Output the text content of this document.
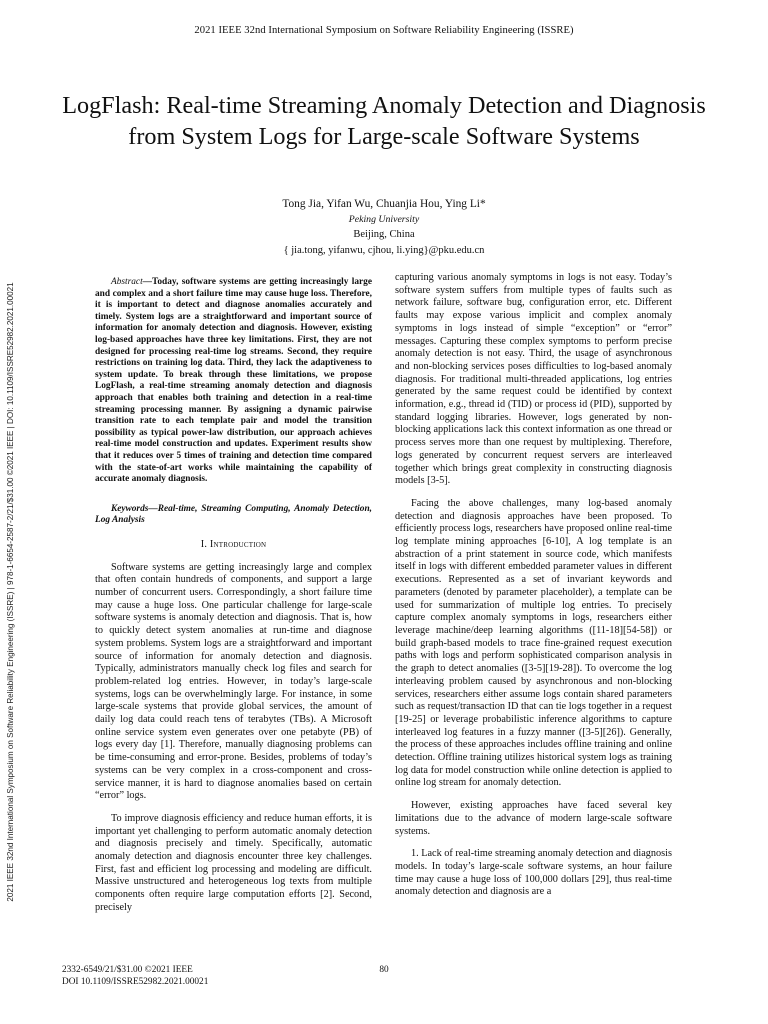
2021 IEEE 32nd International Symposium on Software Reliability Engineering (ISSRE)
2021 IEEE 32nd International Symposium on Software Reliability Engineering (ISSRE) | 978-1-6654-2587-2/21/$31.00 ©2021 IEEE | DOI: 10.1109/ISSRE52982.2021.00021
LogFlash: Real-time Streaming Anomaly Detection and Diagnosis from System Logs for Large-scale Software Systems
Tong Jia, Yifan Wu, Chuanjia Hou, Ying Li*
Peking University
Beijing, China
{ jia.tong, yifanwu, cjhou, li.ying}@pku.edu.cn

Abstract—Today, software systems are getting increasingly large and complex and a short failure time may cause huge loss. Therefore, it is important to detect and diagnose anomalies accurately and timely. System logs are a straightforward and important source of information for anomaly detection and diagnosis. However, existing log-based approaches have three key limitations. First, they are not designed for processing real-time log streams. Second, they require restrictions on training log data. Third, they lack the adaptiveness to system update. To break through these limitations, we propose LogFlash, a real-time streaming anomaly detection and diagnosis approach that enables both training and detection in a real-time streaming processing manner. By assigning a dynamic pairwise transition rate to each template pair and model the transition possibility as typical power-law distribution, our approach achieves real-time model construction and updates. Experiment results show that it reduces over 5 times of training and detection time compared with the state-of-art works while maintaining the capability of accurate anomaly diagnosis.

Keywords—Real-time, Streaming Computing, Anomaly Detection, Log Analysis

I. Introduction

Software systems are getting increasingly large and complex that often contain hundreds of components, and support a large number of concurrent users. Correspondingly, a short failure time may cause a huge loss. One particular challenge for large-scale software systems is anomaly detection and diagnosis. That is, how to quickly detect system anomalies at run-time and diagnose system problems. System logs are a straightforward and important source of information for anomaly detection and diagnosis. Typically, administrators manually check log files and search for problem-related log entries. However, in today’s large-scale systems, logs can be overwhelmingly large. For instance, in some large-scale systems that provide global services, the amount of daily log data could reach tens of terabytes (TBs). A Microsoft online service system even generates over one petabyte (PB) of logs every day [1]. Therefore, manually diagnosing problems can be time-consuming and error-prone. Besides, problems of today’s systems can be very complex in a cross-component and cross-service manner, it is hard to diagnose anomalies based on certain “error” logs.

To improve diagnosis efficiency and reduce human efforts, it is important yet challenging to perform automatic anomaly detection and diagnosis precisely and timely. Specifically, automatic anomaly detection and diagnosis encounter three key challenges. First, fast and efficient log processing and modeling are difficult. Massive unstructured and heterogeneous log texts from multiple components often require large computation efforts [2]. Second, precisely

capturing various anomaly symptoms in logs is not easy. Today’s software system suffers from multiple types of faults such as network failure, software bug, configuration error, etc. Different faults may expose various implicit and complex anomaly symptoms in logs instead of simple “exception” or “error” messages. Capturing these complex symptoms to perform precise anomaly detection is not easy. Third, the usage of asynchronous and non-blocking services poses difficulties to log-based anomaly diagnosis. For traditional multi-threaded applications, log entries generated by the same request could be identified by context information, e.g., thread id (TID) or process id (PID), supported by standard logging libraries. However, logs generated by non-blocking applications lack this context information as one thread or process serves more than one request by multiplexing. Therefore, logs generated by concurrent request servers are interleaved together which brings great complexity in constructing diagnosis models [3-5].

Facing the above challenges, many log-based anomaly detection and diagnosis approaches have been proposed. To efficiently process logs, researchers have proposed online real-time log template mining approaches [6-10], A log template is an abstraction of a print statement in source code, which manifests itself in logs with different embedded parameter values in different executions. Represented as a set of invariant keywords and parameters (denoted by parameter placeholder), a template can be used for summarization of multiple log entries. To precisely capture complex anomaly symptoms in logs, researchers either leverage machine/deep learning algorithms ([11-18][54-58]) or build graph-based models to trace fine-grained request execution paths with logs and perform sophisticated comparison analysis in the graph to detect anomalies ([3-5][19-28]). To overcome the log interleaving problem caused by asynchronous and non-blocking services, researchers either assume logs contain shared parameters such as request/transaction ID that can tie logs together in a request [19-25] or leverage probabilistic inference algorithms to capture interleaved log features in a fuzzy manner ([3-5][26]). Generally, the process of these approaches includes offline training and online detection. Offline training utilizes historical system logs as training log data for model construction while online detection is applied to online log stream for anomaly detection.

However, existing approaches have faced several key limitations due to the advance of modern large-scale software systems.

1. Lack of real-time streaming anomaly detection and diagnosis models. In today’s large-scale software systems, an hour failure time may cause a huge loss of 100,000 dollars [29], thus real-time anomaly detection and diagnosis are a

2332-6549/21/$31.00 ©2021 IEEE
DOI 10.1109/ISSRE52982.2021.00021
80
